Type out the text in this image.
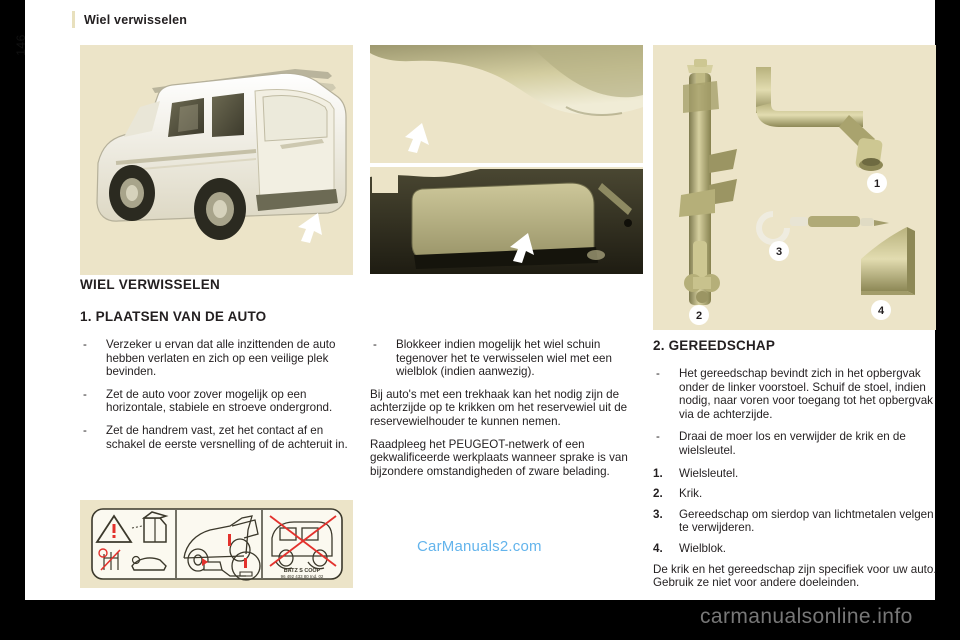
146
Wiel verwisselen
1
2
3
4
WIEL VERWISSELEN
1. PLAATSEN VAN DE AUTO
- Verzeker u ervan dat alle inzittenden de auto hebben verlaten en zich op een veilige plek bevinden.
- Zet de auto voor zover mogelijk op een horizontale, stabiele en stroeve ondergrond.
- Zet de handrem vast, zet het contact af en schakel de eerste versnelling of de achteruit in.
BATZ S COOP
96 492 433 80 Ind. 02
- Blokkeer indien mogelijk het wiel schuin tegenover het te verwisselen wiel met een wielblok (indien aanwezig).

Bij auto's met een trekhaak kan het nodig zijn de achterzijde op te krikken om het reservewiel uit de reservewielhouder te kunnen nemen.

Raadpleeg het PEUGEOT-netwerk of een gekwalificeerde werkplaats wanneer sprake is van bijzondere omstandigheden of zware belading.

2. GEREEDSCHAP
- Het gereedschap bevindt zich in het opbergvak onder de linker voorstoel. Schuif de stoel, indien nodig, naar voren voor toegang tot het opbergvak via de achterzijde.
- Draai de moer los en verwijder de krik en de wielsleutel.
1. Wielsleutel.
2. Krik.
3. Gereedschap om sierdop van lichtmetalen velgen te verwijderen.
4. Wielblok.

De krik en het gereedschap zijn specifiek voor uw auto. Gebruik ze niet voor andere doeleinden.

CarManuals2.com
carmanualsonline.info
